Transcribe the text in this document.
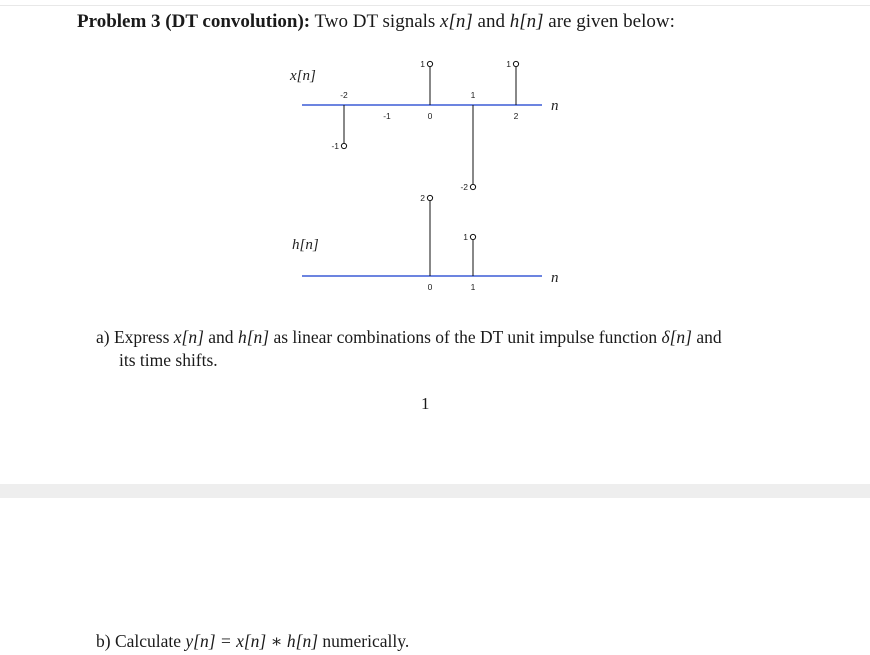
Problem 3 (DT convolution): Two DT signals x[n] and h[n] are given below:
x[n]
n
-2
-1
-1	0
1
1
-2
2
1
h[n]
n
0
2
1
1
a) Express x[n] and h[n] as linear combinations of the DT unit impulse function δ[n] and
its time shifts.
1
b) Calculate y[n] = x[n] ∗ h[n] numerically.
